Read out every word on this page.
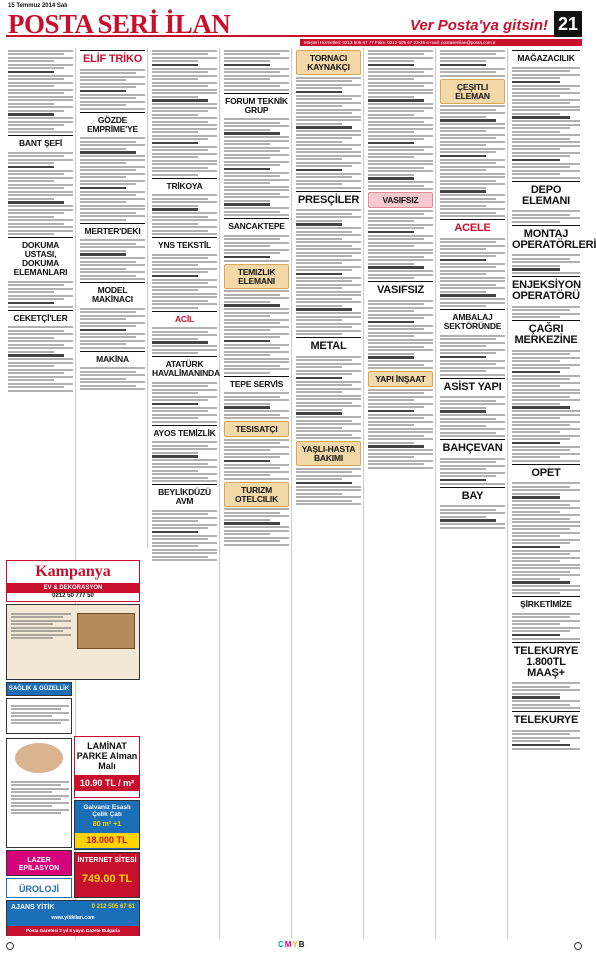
15 Temmuz 2014 Salı
POSTA SERİ İLAN	Ver Posta'ya gitsin! 21
Müşteri Hizmetleri: 0212 505 67 77 Faks: 0212 505 67 23-25 e-mail: postaseriilan@posta.com.tr
BANT ŞEFİ
DOKUMA USTASI, DOKUMA ELEMANLARI
CEKETÇİ'LER
Kampanya
EV & DEKORASYON
0212 50 777 50
SAĞLIK & GÜZELLİK
LAMİNAT PARKE Alman Malı
10.90 TL / m²
Galvaniz Esaslı Çelik Çatı
80 m² +1
18.000 TL
LAZER EPİLASYON
ÜROLOJİ
İNTERNET SİTESİ
749.00 TL
AJANS YİTİK	0 212 505 67 61
www.yitikilan.com
Posta Gazetesi 2 yıl 5 yayın Gazete Bulgaria
ELİF TRİKO
GÖZDE EMPRİME'YE
MERTER'DEKI
MODEL MAKİNACI
MAKİNA
TRİKOYA
YNS TEKSTİL
ACİL
ATATÜRK HAVALİMANINDA
AYOS TEMİZLİK
BEYLİKDÜZÜ AVM
FORUM TEKNİK GRUP
SANCAKTEPE
TEMIZLIK ELEMANI
TEPE SERVİS
TESISATÇI
TURIZM OTELCILIK
TORNACI KAYNAKÇI
PRESÇİLER
METAL
YAŞLI-HASTA BAKIMI
VASIFSIZ
VASIFSIZ
YAPI İNŞAAT
ÇEŞITLI ELEMAN
ACELE
AMBALAJ SEKTÖRÜNDE
ASİST YAPI
BAHÇEVAN
BAY
MAĞAZACILIK
DEPO ELEMANI
MONTAJ OPERATÖRLERİ
ENJEKSİYON OPERATÖRÜ
ÇAĞRI MERKEZİNE
OPET
ŞİRKETİMİZE
TELEKURYE 1.800TL MAAŞ+
TELEKURYE
CMYB
